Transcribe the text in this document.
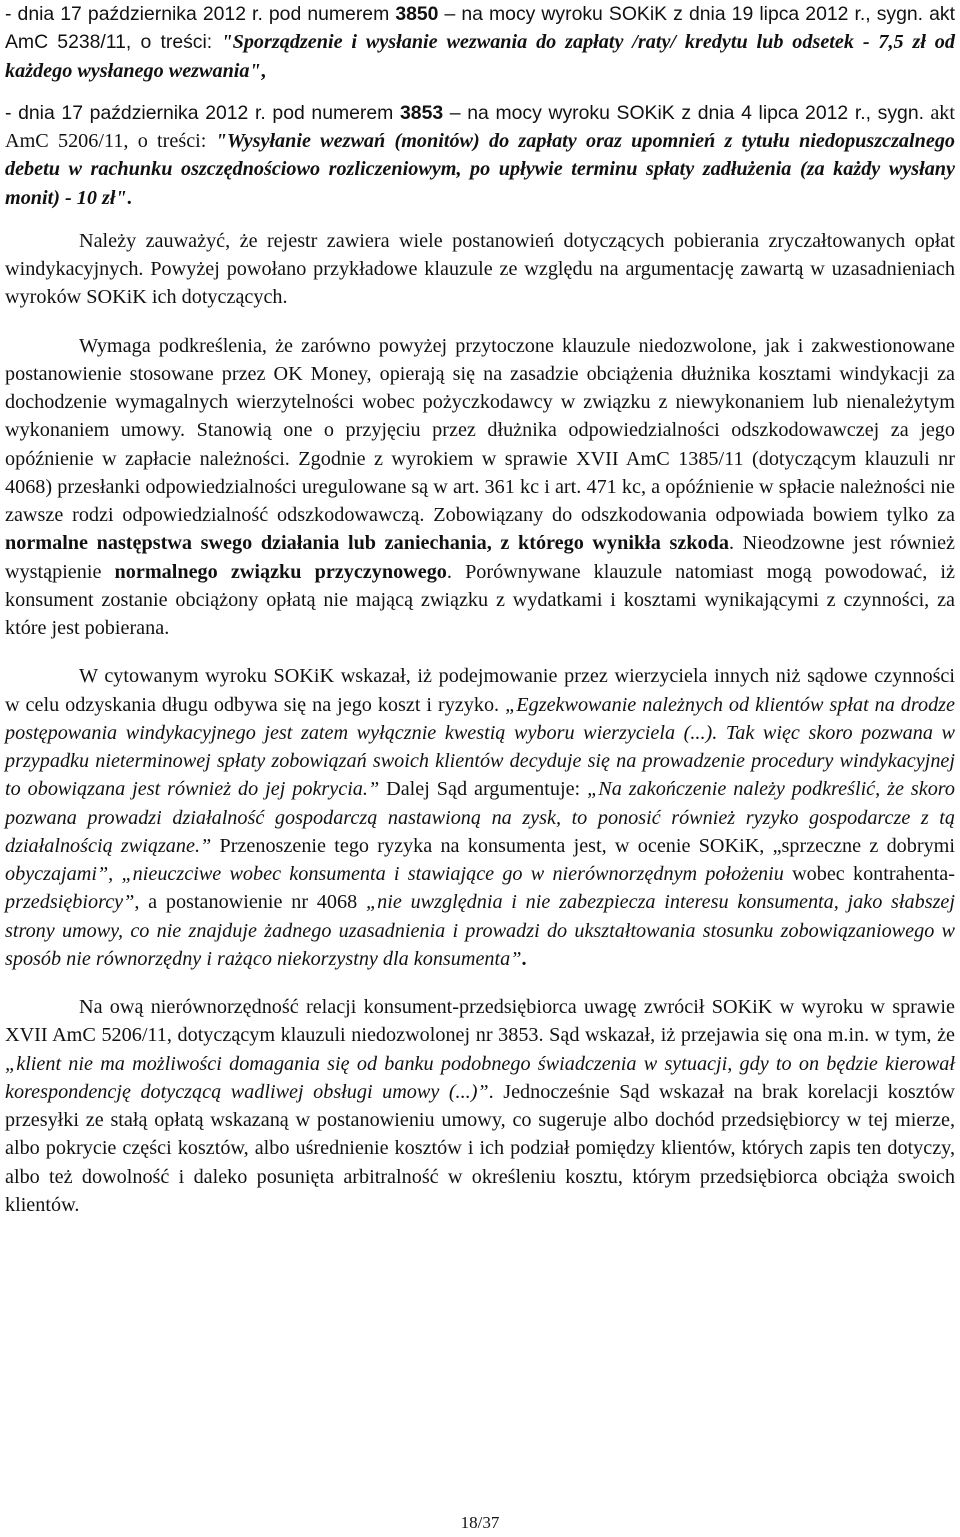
- dnia 17 października 2012 r. pod numerem 3850 – na mocy wyroku SOKiK z dnia 19 lipca 2012 r., sygn. akt AmC 5238/11, o treści: "Sporządzenie i wysłanie wezwania do zapłaty /raty/ kredytu lub odsetek - 7,5 zł od każdego wysłanego wezwania",

- dnia 17 października 2012 r. pod numerem 3853 – na mocy wyroku SOKiK z dnia 4 lipca 2012 r., sygn. akt AmC 5206/11, o treści: "Wysyłanie wezwań (monitów) do zapłaty oraz upomnień z tytułu niedopuszczalnego debetu w rachunku oszczędnościowo rozliczeniowym, po upływie terminu spłaty zadłużenia (za każdy wysłany monit) - 10 zł".

Należy zauważyć, że rejestr zawiera wiele postanowień dotyczących pobierania zryczałtowanych opłat windykacyjnych. Powyżej powołano przykładowe klauzule ze względu na argumentację zawartą w uzasadnieniach wyroków SOKiK ich dotyczących.

Wymaga podkreślenia, że zarówno powyżej przytoczone klauzule niedozwolone, jak i zakwestionowane postanowienie stosowane przez OK Money, opierają się na zasadzie obciążenia dłużnika kosztami windykacji za dochodzenie wymagalnych wierzytelności wobec pożyczkodawcy w związku z niewykonaniem lub nienależytym wykonaniem umowy. Stanowią one o przyjęciu przez dłużnika odpowiedzialności odszkodowawczej za jego opóźnienie w zapłacie należności. Zgodnie z wyrokiem w sprawie XVII AmC 1385/11 (dotyczącym klauzuli nr 4068) przesłanki odpowiedzialności uregulowane są w art. 361 kc i art. 471 kc, a opóźnienie w spłacie należności nie zawsze rodzi odpowiedzialność odszkodowawczą. Zobowiązany do odszkodowania odpowiada bowiem tylko za normalne następstwa swego działania lub zaniechania, z którego wynikła szkoda. Nieodzowne jest również wystąpienie normalnego związku przyczynowego. Porównywane klauzule natomiast mogą powodować, iż konsument zostanie obciążony opłatą nie mającą związku z wydatkami i kosztami wynikającymi z czynności, za które jest pobierana.

W cytowanym wyroku SOKiK wskazał, iż podejmowanie przez wierzyciela innych niż sądowe czynności w celu odzyskania długu odbywa się na jego koszt i ryzyko. „Egzekwowanie należnych od klientów spłat na drodze postępowania windykacyjnego jest zatem wyłącznie kwestią wyboru wierzyciela (...). Tak więc skoro pozwana w przypadku nieterminowej spłaty zobowiązań swoich klientów decyduje się na prowadzenie procedury windykacyjnej to obowiązana jest również do jej pokrycia.” Dalej Sąd argumentuje: „Na zakończenie należy podkreślić, że skoro pozwana prowadzi działalność gospodarczą nastawioną na zysk, to ponosić również ryzyko gospodarcze z tą działalnością związane.” Przenoszenie tego ryzyka na konsumenta jest, w ocenie SOKiK, „sprzeczne z dobrymi obyczajami”, „nieuczciwe wobec konsumenta i stawiające go w nierównorzędnym położeniu wobec kontrahenta-przedsiębiorcy”, a postanowienie nr 4068 „nie uwzględnia i nie zabezpiecza interesu konsumenta, jako słabszej strony umowy, co nie znajduje żadnego uzasadnienia i prowadzi do ukształtowania stosunku zobowiązaniowego w sposób nie równorzędny i rażąco niekorzystny dla konsumenta”.

Na ową nierównorzędność relacji konsument-przedsiębiorca uwagę zwrócił SOKiK w wyroku w sprawie XVII AmC 5206/11, dotyczącym klauzuli niedozwolonej nr 3853. Sąd wskazał, iż przejawia się ona m.in. w tym, że „klient nie ma możliwości domagania się od banku podobnego świadczenia w sytuacji, gdy to on będzie kierował korespondencję dotyczącą wadliwej obsługi umowy (...)”. Jednocześnie Sąd wskazał na brak korelacji kosztów przesyłki ze stałą opłatą wskazaną w postanowieniu umowy, co sugeruje albo dochód przedsiębiorcy w tej mierze, albo pokrycie części kosztów, albo uśrednienie kosztów i ich podział pomiędzy klientów, których zapis ten dotyczy, albo też dowolność i daleko posunięta arbitralność w określeniu kosztu, którym przedsiębiorca obciąża swoich klientów.

18/37
